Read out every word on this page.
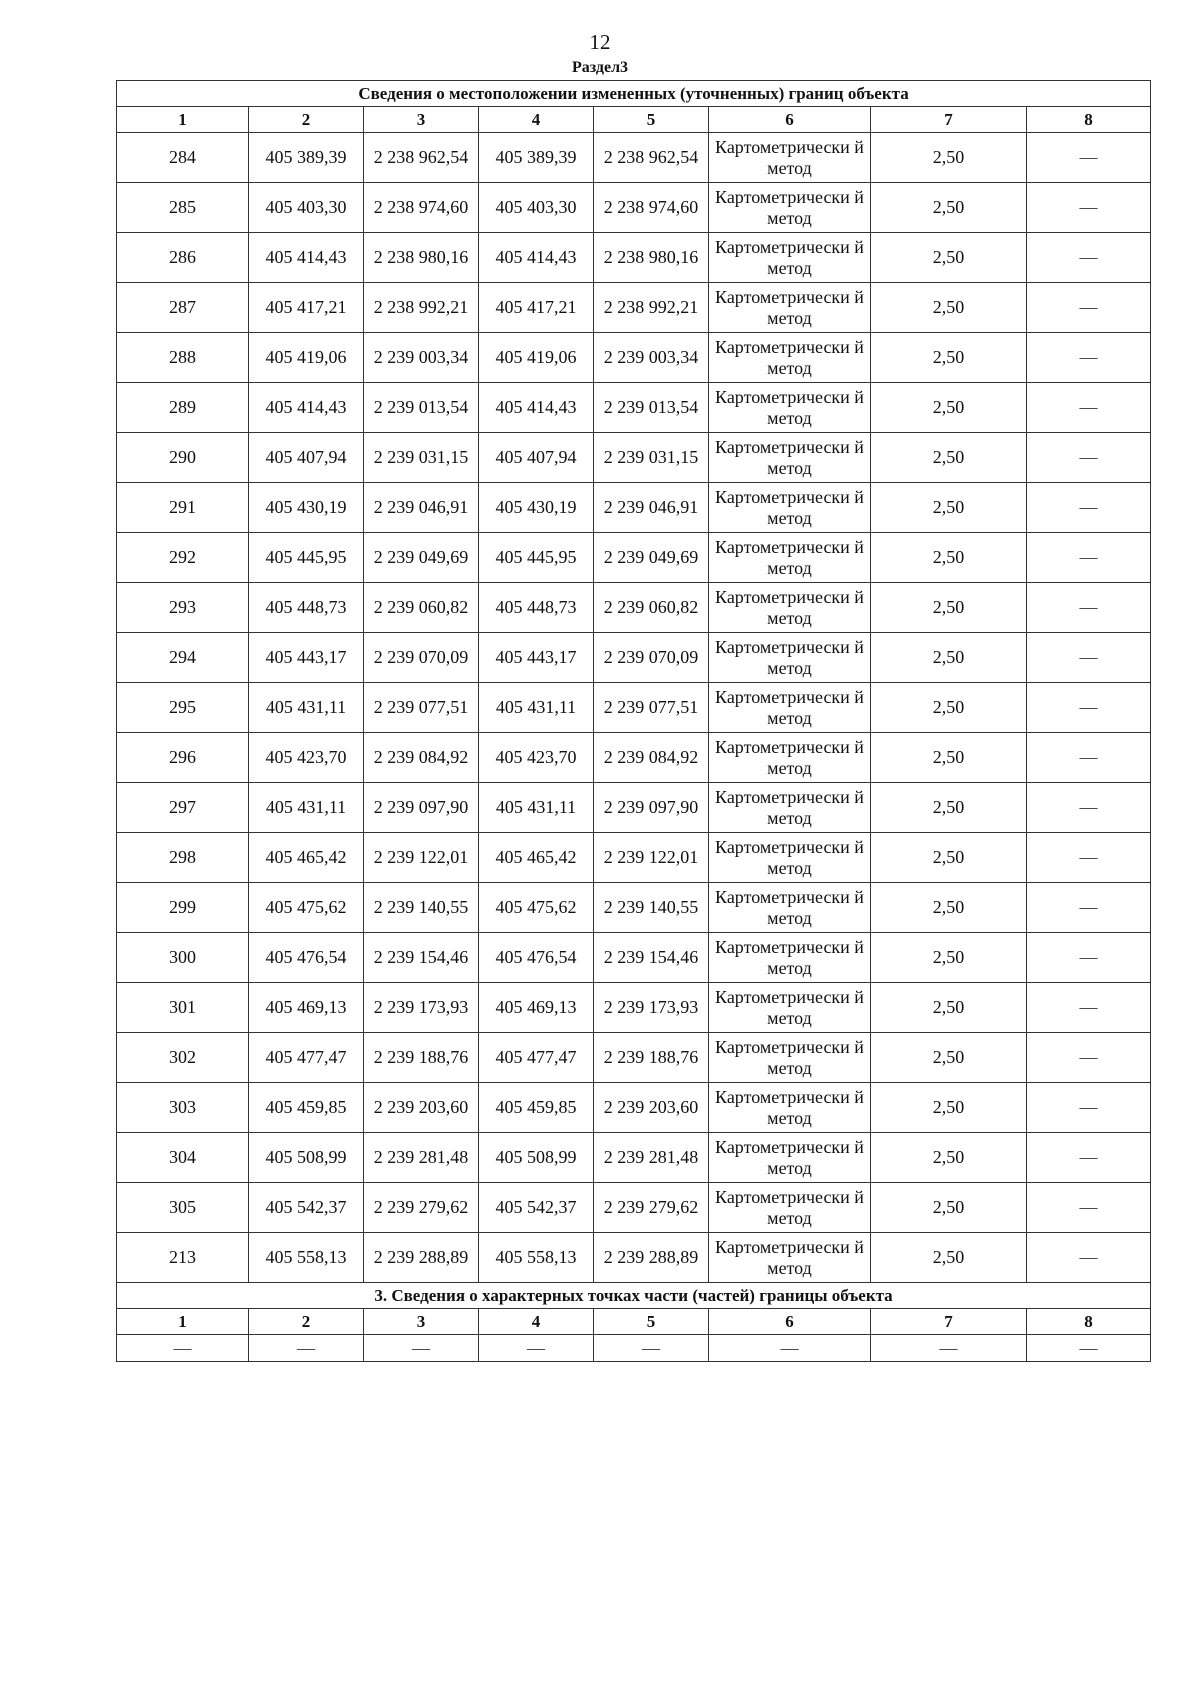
12
Раздел3
Сведения о местоположении измененных (уточненных) границ объекта							
1	2	3	4	5	6	7	8
284	405 389,39	2 238 962,54	405 389,39	2 238 962,54	Картометрически й метод	2,50	—
285	405 403,30	2 238 974,60	405 403,30	2 238 974,60	Картометрически й метод	2,50	—
286	405 414,43	2 238 980,16	405 414,43	2 238 980,16	Картометрически й метод	2,50	—
287	405 417,21	2 238 992,21	405 417,21	2 238 992,21	Картометрически й метод	2,50	—
288	405 419,06	2 239 003,34	405 419,06	2 239 003,34	Картометрически й метод	2,50	—
289	405 414,43	2 239 013,54	405 414,43	2 239 013,54	Картометрически й метод	2,50	—
290	405 407,94	2 239 031,15	405 407,94	2 239 031,15	Картометрически й метод	2,50	—
291	405 430,19	2 239 046,91	405 430,19	2 239 046,91	Картометрически й метод	2,50	—
292	405 445,95	2 239 049,69	405 445,95	2 239 049,69	Картометрически й метод	2,50	—
293	405 448,73	2 239 060,82	405 448,73	2 239 060,82	Картометрически й метод	2,50	—
294	405 443,17	2 239 070,09	405 443,17	2 239 070,09	Картометрически й метод	2,50	—
295	405 431,11	2 239 077,51	405 431,11	2 239 077,51	Картометрически й метод	2,50	—
296	405 423,70	2 239 084,92	405 423,70	2 239 084,92	Картометрически й метод	2,50	—
297	405 431,11	2 239 097,90	405 431,11	2 239 097,90	Картометрически й метод	2,50	—
298	405 465,42	2 239 122,01	405 465,42	2 239 122,01	Картометрически й метод	2,50	—
299	405 475,62	2 239 140,55	405 475,62	2 239 140,55	Картометрически й метод	2,50	—
300	405 476,54	2 239 154,46	405 476,54	2 239 154,46	Картометрически й метод	2,50	—
301	405 469,13	2 239 173,93	405 469,13	2 239 173,93	Картометрически й метод	2,50	—
302	405 477,47	2 239 188,76	405 477,47	2 239 188,76	Картометрически й метод	2,50	—
303	405 459,85	2 239 203,60	405 459,85	2 239 203,60	Картометрически й метод	2,50	—
304	405 508,99	2 239 281,48	405 508,99	2 239 281,48	Картометрически й метод	2,50	—
305	405 542,37	2 239 279,62	405 542,37	2 239 279,62	Картометрически й метод	2,50	—
213	405 558,13	2 239 288,89	405 558,13	2 239 288,89	Картометрически й метод	2,50	—
3. Сведения о характерных точках части (частей) границы объекта							
1	2	3	4	5	6	7	8
—	—	—	—	—	—	—	—
